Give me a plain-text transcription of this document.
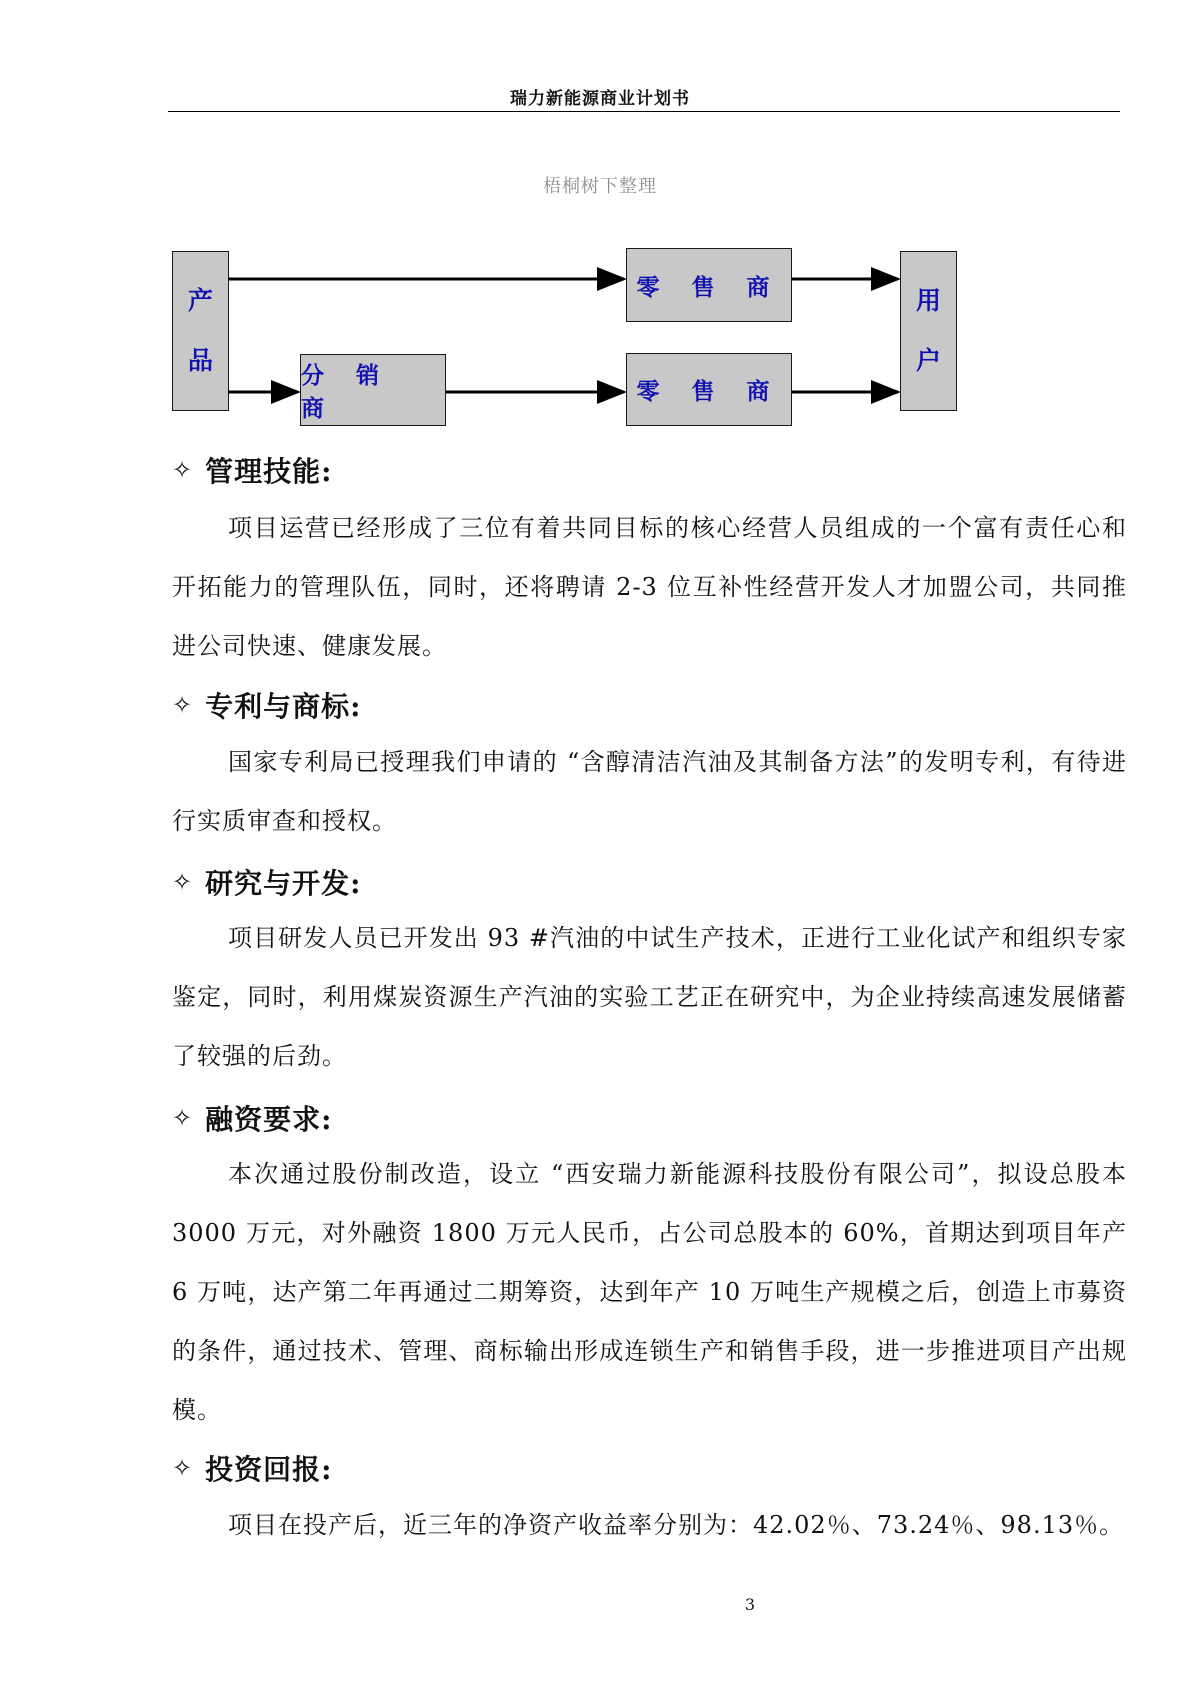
瑞力新能源商业计划书
梧桐树下整理
产
品
零 售 商
分 销 商
零 售 商
用
户
✧ 管理技能:
项目运营已经形成了三位有着共同目标的核心经营人员组成的一个富有责任心和开拓能力的管理队伍，同时，还将聘请 2-3 位互补性经营开发人才加盟公司，共同推进公司快速、健康发展。
✧ 专利与商标:
国家专利局已授理我们申请的 “含醇清洁汽油及其制备方法”的发明专利，有待进行实质审查和授权。
✧ 研究与开发:
项目研发人员已开发出 93 #汽油的中试生产技术，正进行工业化试产和组织专家鉴定，同时，利用煤炭资源生产汽油的实验工艺正在研究中，为企业持续高速发展储蓄了较强的后劲。
✧ 融资要求:
本次通过股份制改造，设立 “西安瑞力新能源科技股份有限公司”，拟设总股本 3000 万元，对外融资 1800 万元人民币，占公司总股本的 60%，首期达到项目年产 6 万吨，达产第二年再通过二期筹资，达到年产 10 万吨生产规模之后，创造上市募资的条件，通过技术、管理、商标输出形成连锁生产和销售手段，进一步推进项目产出规模。
✧ 投资回报:
项目在投产后，近三年的净资产收益率分别为：42.02％、73.24％、98.13％。
3
